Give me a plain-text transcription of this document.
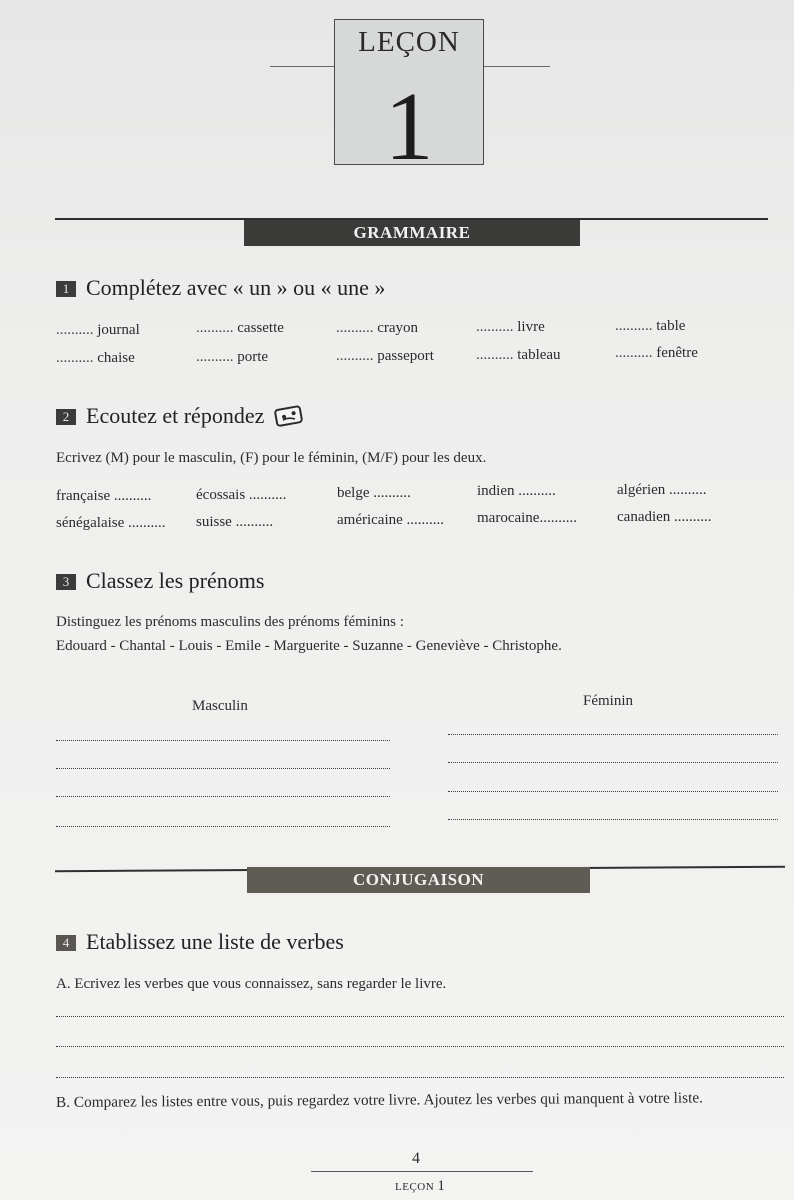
LEÇON
1
GRAMMAIRE
1 Complétez avec « un » ou « une »
.......... journal	.......... cassette	.......... crayon	.......... livre	.......... table
.......... chaise	.......... porte	.......... passeport	.......... tableau	.......... fenêtre
2 Ecoutez et répondez
Ecrivez (M) pour le masculin, (F) pour le féminin, (M/F) pour les deux.
française ..........	écossais ..........	belge ..........	indien ..........	algérien ..........
sénégalaise .......... suisse ..........	américaine .......... marocaine..........	canadien ..........
3 Classez les prénoms
Distinguez les prénoms masculins des prénoms féminins :
Edouard - Chantal - Louis - Emile - Marguerite - Suzanne - Geneviève - Christophe.
Masculin	Féminin
CONJUGAISON
4 Etablissez une liste de verbes
A. Ecrivez les verbes que vous connaissez, sans regarder le livre.
B. Comparez les listes entre vous, puis regardez votre livre. Ajoutez les verbes qui manquent à votre liste.
4
LEÇON 1
